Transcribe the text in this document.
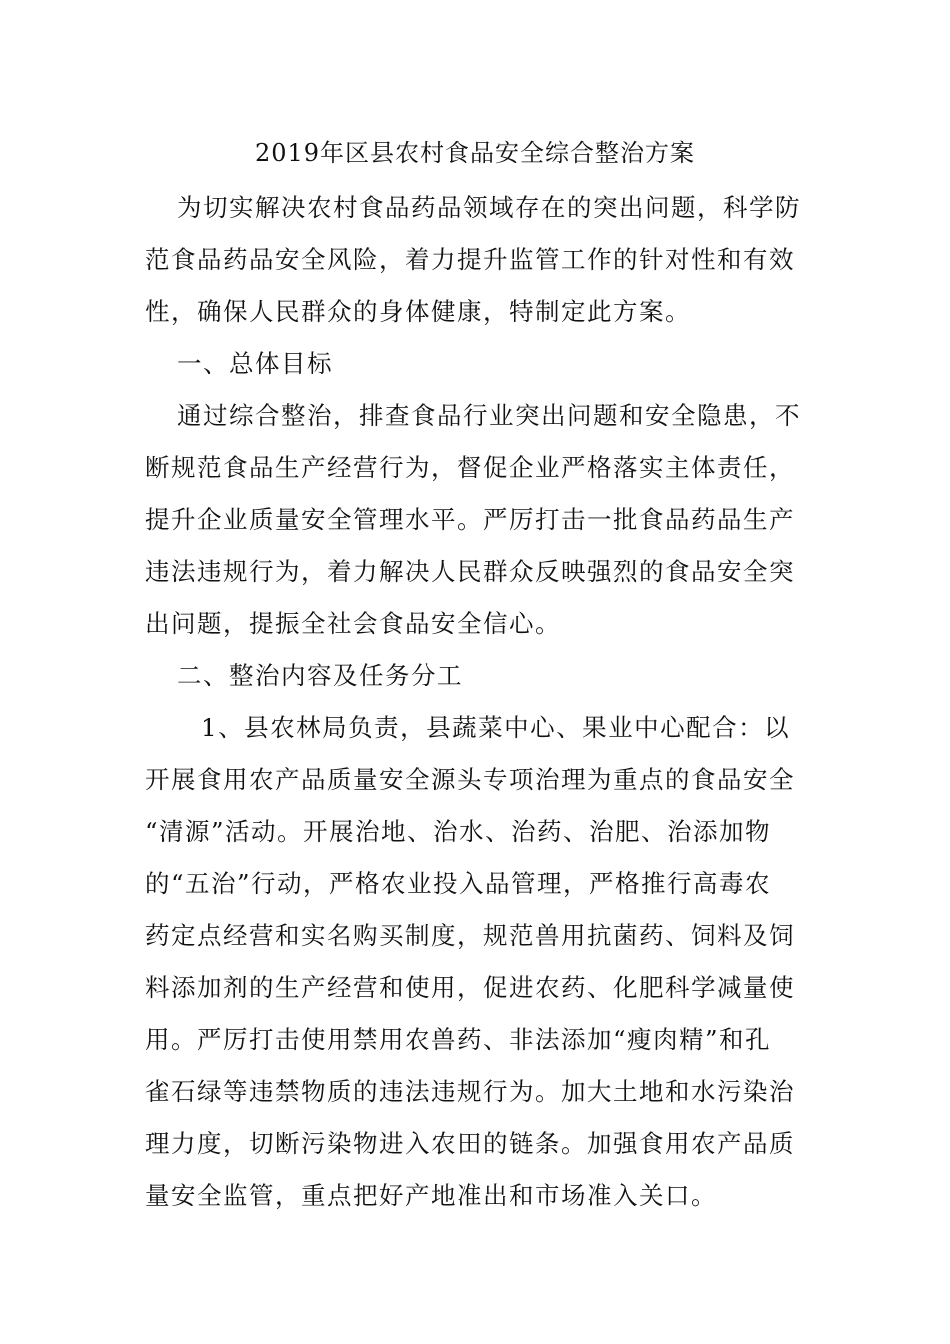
2019年区县农村食品安全综合整治方案
为切实解决农村食品药品领域存在的突出问题，科学防
范食品药品安全风险，着力提升监管工作的针对性和有效
性，确保人民群众的身体健康，特制定此方案。
一、总体目标
通过综合整治，排查食品行业突出问题和安全隐患，不
断规范食品生产经营行为，督促企业严格落实主体责任，
提升企业质量安全管理水平。严厉打击一批食品药品生产
违法违规行为，着力解决人民群众反映强烈的食品安全突
出问题，提振全社会食品安全信心。
二、整治内容及任务分工
1、县农林局负责，县蔬菜中心、果业中心配合：以
开展食用农产品质量安全源头专项治理为重点的食品安全
“清源”活动。开展治地、治水、治药、治肥、治添加物
的“五治”行动，严格农业投入品管理，严格推行高毒农
药定点经营和实名购买制度，规范兽用抗菌药、饲料及饲
料添加剂的生产经营和使用，促进农药、化肥科学减量使
用。严厉打击使用禁用农兽药、非法添加“瘦肉精”和孔
雀石绿等违禁物质的违法违规行为。加大土地和水污染治
理力度，切断污染物进入农田的链条。加强食用农产品质
量安全监管，重点把好产地准出和市场准入关口。
